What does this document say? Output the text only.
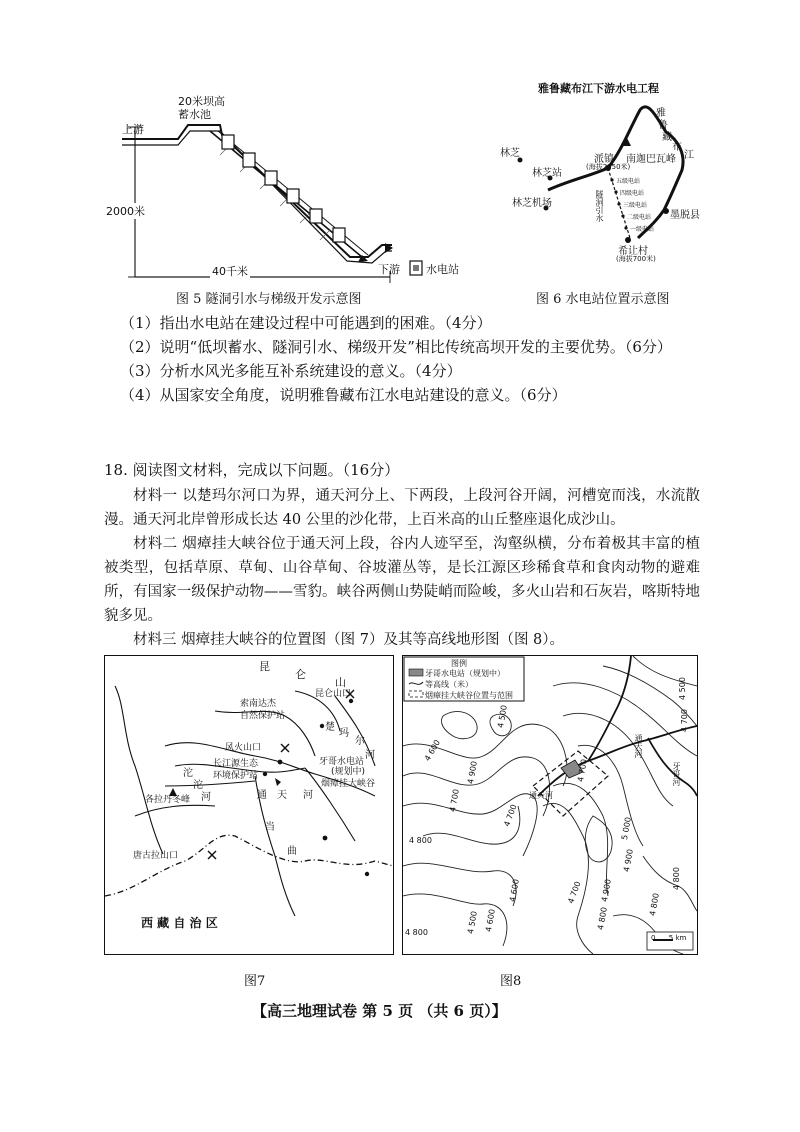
20米坝高
蓄水池
上游
2000米
40千米	下游 水电站
图 5 隧洞引水与梯级开发示意图
雅鲁藏布江下游水电工程
林芝
林芝站
林芝机场
派镇
(海拔2950米)
南迦巴瓦峰
雅
鲁
藏
布
江
隧洞引水
五级电站
四级电站
三级电站
二级电站
一级电站
墨脱县
希让村
(海拔700米)
图 6 水电站位置示意图
（1）指出水电站在建设过程中可能遇到的困难。（4分）
（2）说明“低坝蓄水、隧洞引水、梯级开发”相比传统高坝开发的主要优势。（6分）
（3）分析水风光多能互补系统建设的意义。（4分）
（4）从国家安全角度，说明雅鲁藏布江水电站建设的意义。（6分）
18. 阅读图文材料，完成以下问题。（16分）
材料一 以楚玛尔河口为界，通天河分上、下两段，上段河谷开阔，河槽宽而浅，水流散漫。通天河北岸曾形成长达 40 公里的沙化带，上百米高的山丘整座退化成沙山。
材料二 烟瘴挂大峡谷位于通天河上段，谷内人迹罕至，沟壑纵横，分布着极其丰富的植被类型，包括草原、草甸、山谷草甸、谷坡灌丛等，是长江源区珍稀食草和食肉动物的避难所，有国家一级保护动物——雪豹。峡谷两侧山势陡峭而险峻，多火山岩和石灰岩，喀斯特地貌多见。
材料三 烟瘴挂大峡谷的位置图（图 7）及其等高线地形图（图 8）。
昆
仑
山
昆仑山口
索南达杰
自然保护站
楚
玛
尔
河
风火山口
长江源生态
环境保护站
牙哥水电站
(规划中)
烟瘴挂大峡谷
沱
沱
河
各拉丹冬峰	通 天 河
当
曲
唐古拉山口
西 藏 自 治 区
图7
图例
牙哥水电站（规划中）
等高线（米）
烟瘴挂大峡谷位置与范围
4 500
4 600
4 700
4 800
4 900
5 000
4 500
4 700
4 800
4 900
4 700
4 600	4 700
4 800
4 700
4 900
4 800
4 600
4 800	4 500
通天河
牙哥河
通天河
0      5 km
图8
【高三地理试卷 第 5 页 （共 6 页）】
